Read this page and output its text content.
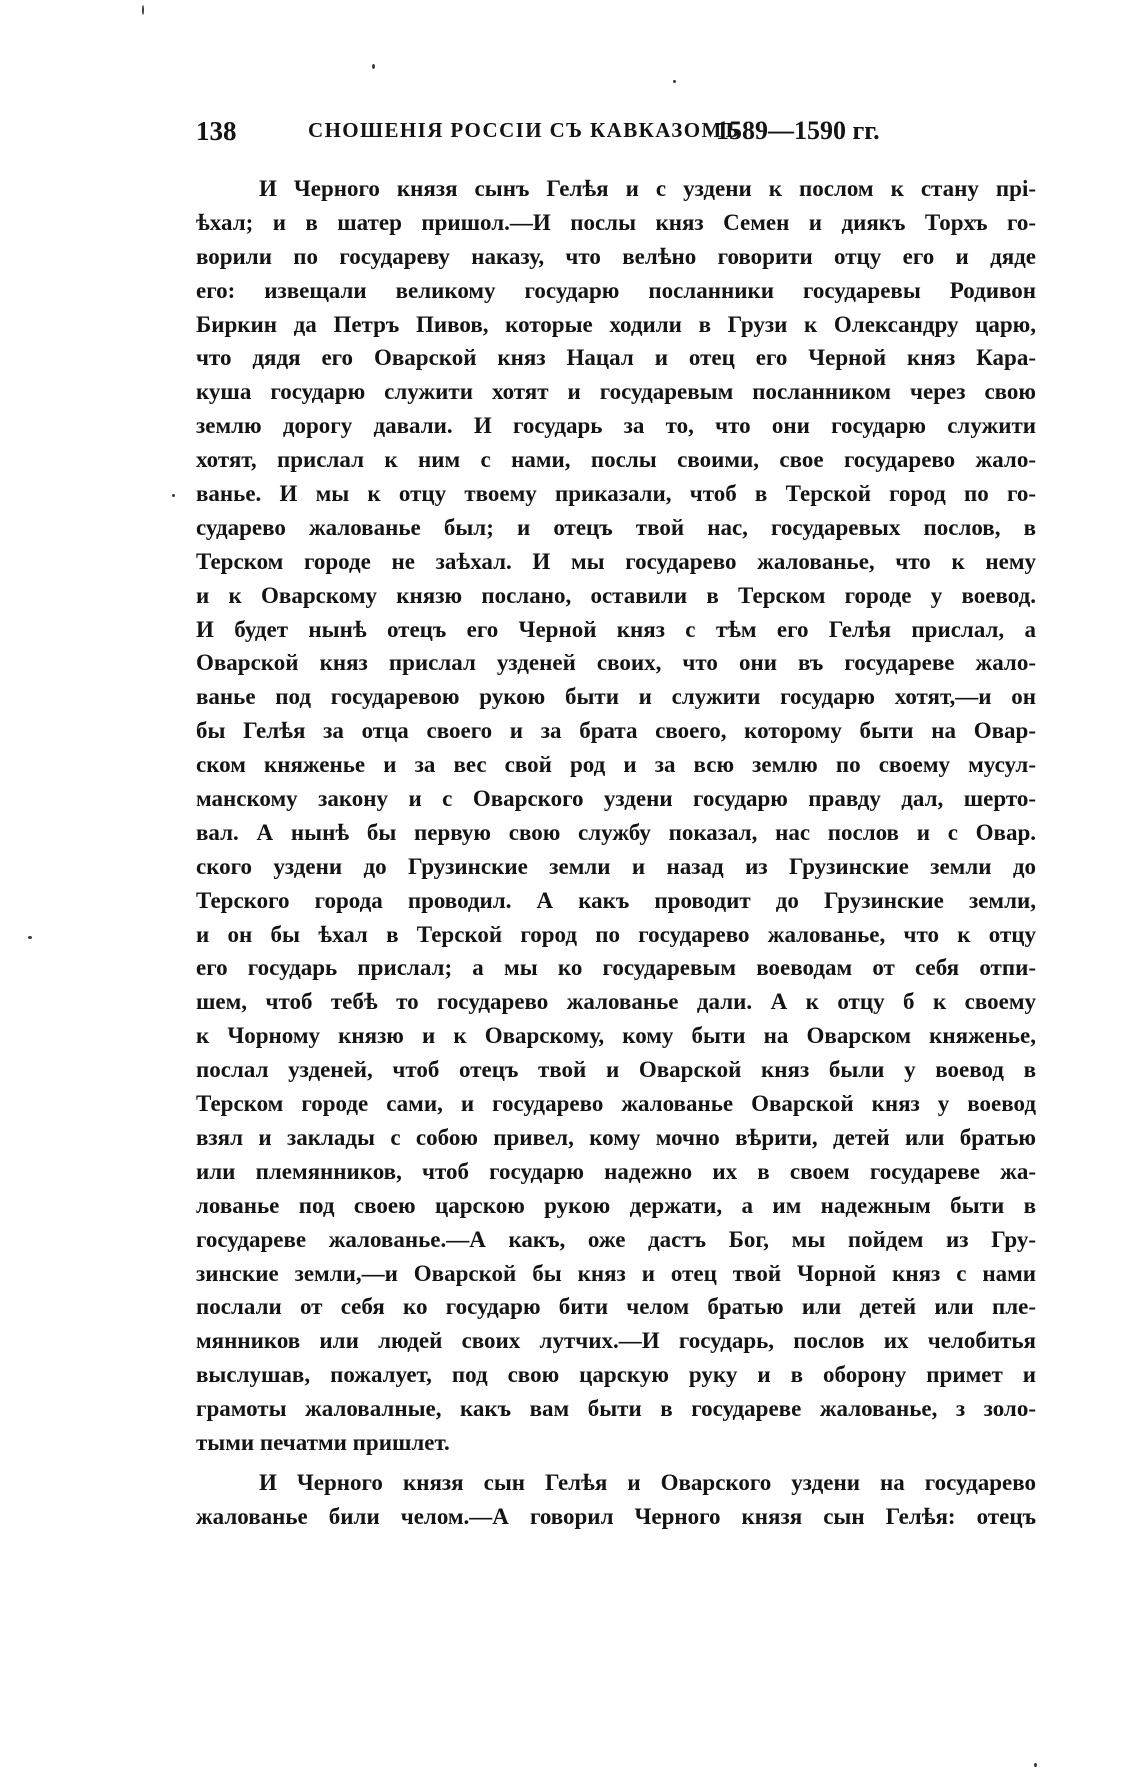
138	СНОШЕНІЯ РОССІИ СЪ КАВКАЗОМЪ
1589—1590 гг.
И Черного князя сынъ Гелѣя и с уздени к послом к стану прі-
ѣхал; и в шатер пришол.—И послы княз Семен и диякъ Торхъ го-
ворили по государеву наказу, что велѣно говорити отцу его и дяде
его: извещали великому государю посланники государевы Родивон
Биркин да Петръ Пивов, которые ходили в Грузи к Олександру царю,
что дядя его Оварской княз Нацал и отец его Черной княз Кара-
куша государю служити хотят и государевым посланником через свою
землю дорогу давали. И государь за то, что они государю служити
хотят, прислал к ним с нами, послы своими, свое государево жало-
ванье. И мы к отцу твоему приказали, чтоб в Терской город по го-
сударево жалованье был; и отецъ твой нас, государевых послов, в
Терском городе не заѣхал. И мы государево жалованье, что к нему
и к Оварскому князю послано, оставили в Терском городе у воевод.
И будет нынѣ отецъ его Черной княз с тѣм его Гелѣя прислал, а
Оварской княз прислал узденей своих, что они въ государеве жало-
ванье под государевою рукою быти и служити государю хотят,—и он
бы Гелѣя за отца своего и за брата своего, которому быти на Овар-
ском княженье и за вес свой род и за всю землю по своему мусул-
манскому закону и с Оварского уздени государю правду дал, шерто-
вал. А нынѣ бы первую свою службу показал, нас послов и с Овар.
ского уздени до Грузинские земли и назад из Грузинские земли до
Терского города проводил. А какъ проводит до Грузинские земли,
и он бы ѣхал в Терской город по государево жалованье, что к отцу
его государь прислал; а мы ко государевым воеводам от себя отпи-
шем, чтоб тебѣ то государево жалованье дали. А к отцу б к своему
к Чорному князю и к Оварскому, кому быти на Оварском княженье,
послал узденей, чтоб отецъ твой и Оварской княз были у воевод в
Терском городе сами, и государево жалованье Оварской княз у воевод
взял и заклады с собою привел, кому мочно вѣрити, детей или братью
или племянников, чтоб государю надежно их в своем государеве жа-
лованье под своею царскою рукою держати, а им надежным быти в
государеве жалованье.—А какъ, оже дастъ Бог, мы пойдем из Гру-
зинские земли,—и Оварской бы княз и отец твой Чорной княз с нами
послали от себя ко государю бити челом братью или детей или пле-
мянников или людей своих лутчих.—И государь, послов их челобитья
выслушав, пожалует, под свою царскую руку и в оборону примет и
грамоты жаловалные, какъ вам быти в государеве жалованье, з золо-
тыми печатми пришлет.
И Черного князя сын Гелѣя и Оварского уздени на государево
жалованье били челом.—А говорил Черного князя сын Гелѣя: отецъ
